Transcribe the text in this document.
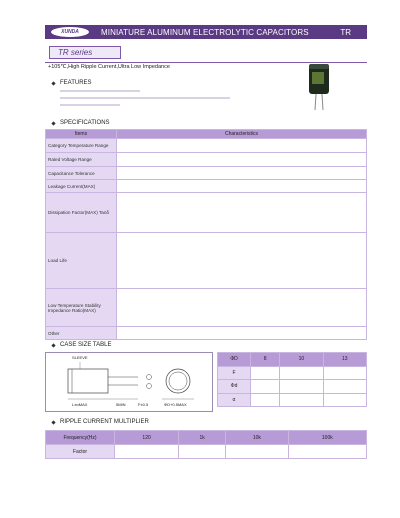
XUNDA	MINIATURE ALUMINUM ELECTROLYTIC CAPACITORS	TR
TR series
+105℃,High Ripple Current,Ultra Low Impedance
FEATURES
SPECIFICATIONS
Items	Characteristics
Category Temperature Range	
Rated Voltage Range	
Capacitance Tolerance	
Leakage Current(MAX)	
Dissipation Factor(MAX) Tanδ	
Load Life	
Low Temperature Stability Impedance Ratio(MAX)	
Other	
CASE SIZE TABLE
SLEEVE
L±αMAX	5MIN	F±0.5	ΦD+0.5MAX
ΦD	8	10	13
F			
Φd			
α			
RIPPLE CURRENT MULTIPLIER
Frequency(Hz)	120	1k	10k	100k
Factor				
